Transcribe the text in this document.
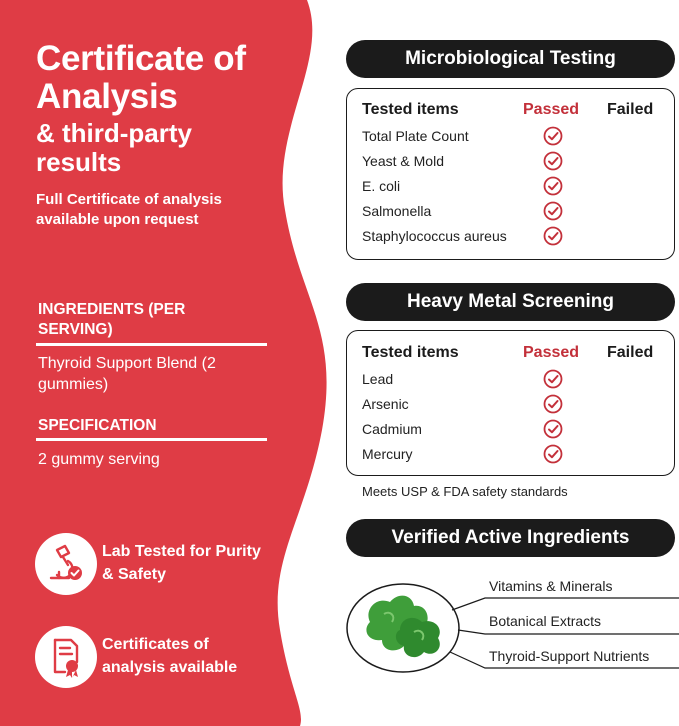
Certificate of Analysis
& third-party results
Full Certificate of analysis available upon request
INGREDIENTS (PER SERVING)
Thyroid Support Blend (2 gummies)
SPECIFICATION
2 gummy serving
Lab Tested for Purity & Safety
Certificates of analysis available
Microbiological Testing
Tested items	Passed Failed
Total Plate Count
Yeast & Mold
E. coli
Salmonella
Staphylococcus aureus
Heavy Metal Screening
Tested items	Passed Failed
Lead
Arsenic
Cadmium
Mercury
Meets USP & FDA safety standards
Verified Active Ingredients
Vitamins & Minerals
Botanical Extracts
Thyroid-Support Nutrients
